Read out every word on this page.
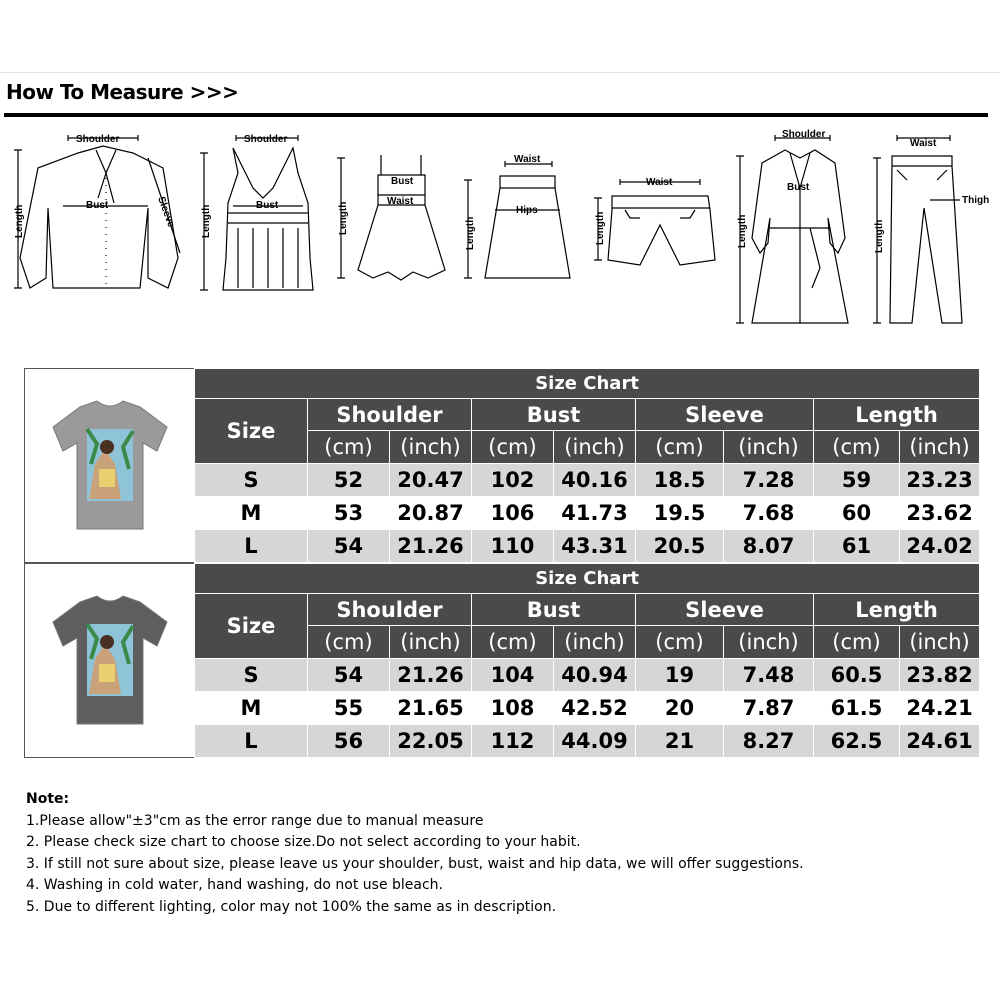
How To Measure >>>
Shoulder
Bust	Sleeve
Length
Shoulder
Bust
Length
Bust
Waist
Length
Waist
Hips
Length
Waist
Length
Shoulder
Bust
Length
Waist
Thigh
Length
Size Chart								
Size	Shoulder		Bust		Sleeve		Length	
	(cm)	(inch)	(cm)	(inch)	(cm)	(inch)	(cm)	(inch)
S	52	20.47	102	40.16	18.5	7.28	59	23.23
M	53	20.87	106	41.73	19.5	7.68	60	23.62
L	54	21.26	110	43.31	20.5	8.07	61	24.02
Size Chart								
Size	Shoulder		Bust		Sleeve		Length	
	(cm)	(inch)	(cm)	(inch)	(cm)	(inch)	(cm)	(inch)
S	54	21.26	104	40.94	19	7.48	60.5	23.82
M	55	21.65	108	42.52	20	7.87	61.5	24.21
L	56	22.05	112	44.09	21	8.27	62.5	24.61
Note:
1.Please allow"±3"cm as the error range due to manual measure
2. Please check size chart to choose size.Do not select according to your habit.
3. If still not sure about size, please leave us your shoulder, bust, waist and hip data, we will offer suggestions.
4. Washing in cold water, hand washing, do not use bleach.
5. Due to different lighting, color may not 100% the same as in description.
